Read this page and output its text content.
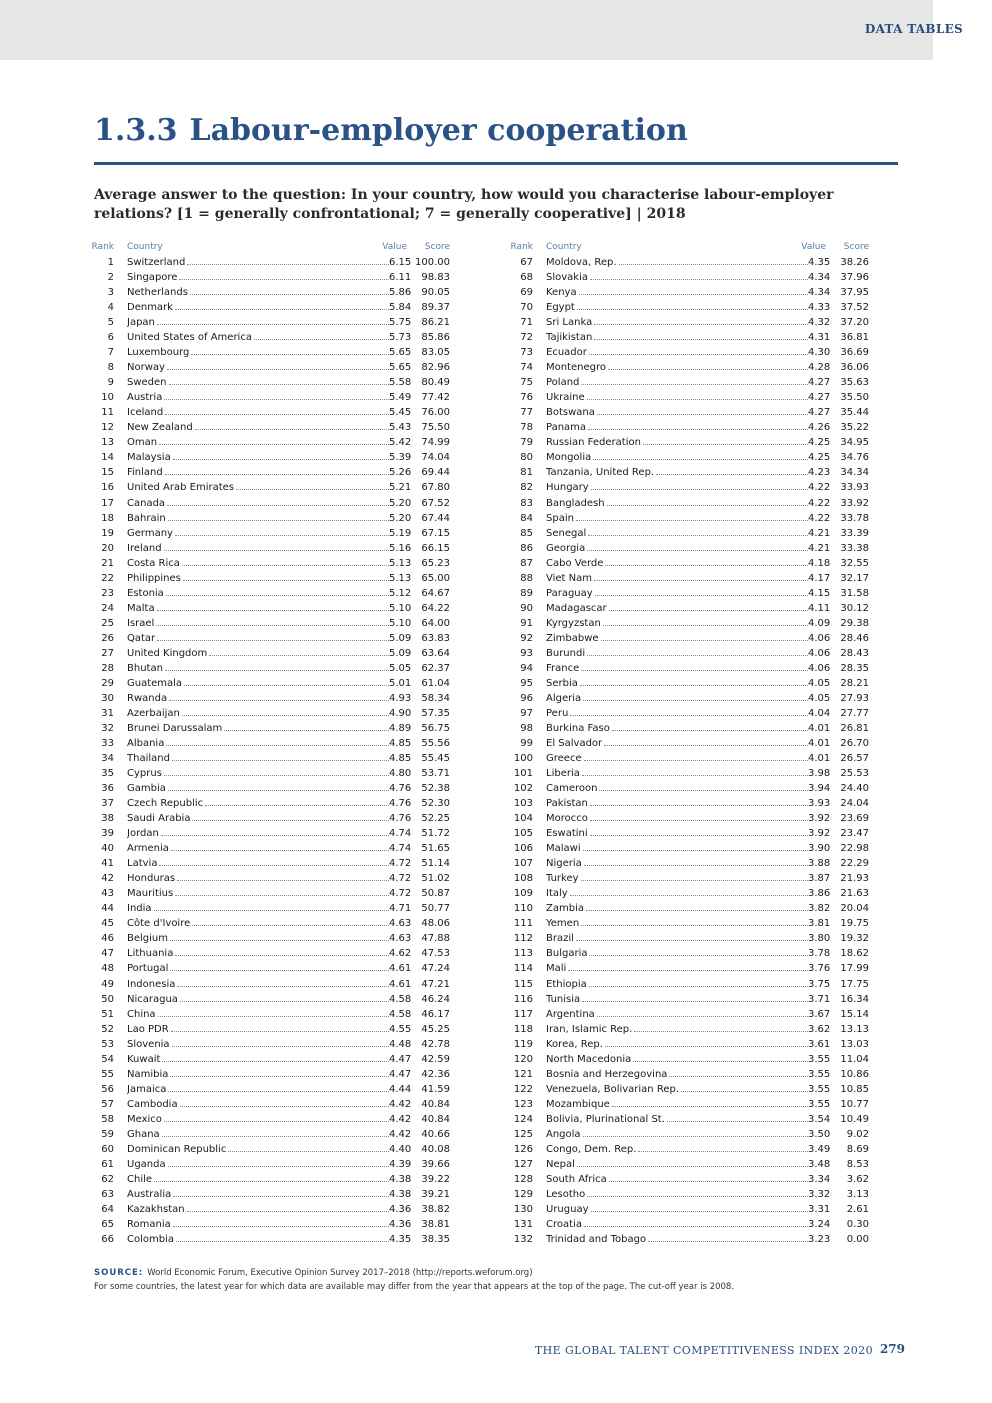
DATA TABLES
1.3.3 Labour-employer cooperation

Average answer to the question: In your country, how would you characterise labour-employer relations? [1 = generally confrontational; 7 = generally cooperative] | 2018

Rank Country	Value Score
1 Switzerland	6.15 100.00
2 Singapore	6.11	98.83
3 Netherlands	5.86	90.05
4 Denmark	5.84	89.37
5 Japan	5.75	86.21
6 United States of America	5.73	85.86
7 Luxembourg	5.65	83.05
8 Norway	5.65	82.96
9 Sweden	5.58	80.49
10 Austria	5.49	77.42
11 Iceland	5.45	76.00
12 New Zealand	5.43	75.50
13 Oman	5.42	74.99
14 Malaysia	5.39	74.04
15 Finland	5.26	69.44
16 United Arab Emirates	5.21	67.80
17 Canada	5.20	67.52
18 Bahrain	5.20	67.44
19 Germany	5.19	67.15
20 Ireland	5.16	66.15
21 Costa Rica	5.13	65.23
22 Philippines	5.13	65.00
23 Estonia	5.12	64.67
24 Malta	5.10	64.22
25 Israel	5.10	64.00
26 Qatar	5.09	63.83
27 United Kingdom	5.09	63.64
28 Bhutan	5.05	62.37
29 Guatemala	5.01	61.04
30 Rwanda	4.93	58.34
31 Azerbaijan	4.90	57.35
32 Brunei Darussalam	4.89	56.75
33 Albania	4.85	55.56
34 Thailand	4.85	55.45
35 Cyprus	4.80	53.71
36 Gambia	4.76	52.38
37 Czech Republic	4.76	52.30
38 Saudi Arabia	4.76	52.25
39 Jordan	4.74	51.72
40 Armenia	4.74	51.65
41 Latvia	4.72	51.14
42 Honduras	4.72	51.02
43 Mauritius	4.72	50.87
44 India	4.71	50.77
45 Côte d'Ivoire	4.63	48.06
46 Belgium	4.63	47.88
47 Lithuania	4.62	47.53
48 Portugal	4.61	47.24
49 Indonesia	4.61	47.21
50 Nicaragua	4.58	46.24
51 China	4.58	46.17
52 Lao PDR	4.55	45.25
53 Slovenia	4.48	42.78
54 Kuwait	4.47	42.59
55 Namibia	4.47	42.36
56 Jamaica	4.44	41.59
57 Cambodia	4.42	40.84
58 Mexico	4.42	40.84
59 Ghana	4.42	40.66
60 Dominican Republic	4.40	40.08
61 Uganda	4.39	39.66
62 Chile	4.38	39.22
63 Australia	4.38	39.21
64 Kazakhstan	4.36	38.82
65 Romania	4.36	38.81
66 Colombia	4.35	38.35
Rank Country	Value Score
67 Moldova, Rep.	4.35	38.26
68 Slovakia	4.34	37.96
69 Kenya	4.34	37.95
70 Egypt	4.33	37.52
71 Sri Lanka	4.32	37.20
72 Tajikistan	4.31	36.81
73 Ecuador	4.30	36.69
74 Montenegro	4.28	36.06
75 Poland	4.27	35.63
76 Ukraine	4.27	35.50
77 Botswana	4.27	35.44
78 Panama	4.26	35.22
79 Russian Federation	4.25	34.95
80 Mongolia	4.25	34.76
81 Tanzania, United Rep.	4.23	34.34
82 Hungary	4.22	33.93
83 Bangladesh	4.22	33.92
84 Spain	4.22	33.78
85 Senegal	4.21	33.39
86 Georgia	4.21	33.38
87 Cabo Verde	4.18	32.55
88 Viet Nam	4.17	32.17
89 Paraguay	4.15	31.58
90 Madagascar	4.11	30.12
91 Kyrgyzstan	4.09	29.38
92 Zimbabwe	4.06	28.46
93 Burundi	4.06	28.43
94 France	4.06	28.35
95 Serbia	4.05	28.21
96 Algeria	4.05	27.93
97 Peru	4.04	27.77
98 Burkina Faso	4.01	26.81
99 El Salvador	4.01	26.70
100 Greece	4.01	26.57
101 Liberia	3.98	25.53
102 Cameroon	3.94	24.40
103 Pakistan	3.93	24.04
104 Morocco	3.92	23.69
105 Eswatini	3.92	23.47
106 Malawi	3.90	22.98
107 Nigeria	3.88	22.29
108 Turkey	3.87	21.93
109 Italy	3.86	21.63
110 Zambia	3.82	20.04
111 Yemen	3.81	19.75
112 Brazil	3.80	19.32
113 Bulgaria	3.78	18.62
114 Mali	3.76	17.99
115 Ethiopia	3.75	17.75
116 Tunisia	3.71	16.34
117 Argentina	3.67	15.14
118 Iran, Islamic Rep.	3.62	13.13
119 Korea, Rep.	3.61	13.03
120 North Macedonia	3.55	11.04
121 Bosnia and Herzegovina	3.55	10.86
122 Venezuela, Bolivarian Rep.	3.55	10.85
123 Mozambique	3.55	10.77
124 Bolivia, Plurinational St.	3.54	10.49
125 Angola	3.50	9.02
126 Congo, Dem. Rep.	3.49	8.69
127 Nepal	3.48	8.53
128 South Africa	3.34	3.62
129 Lesotho	3.32	3.13
130 Uruguay	3.31	2.61
131 Croatia	3.24	0.30
132 Trinidad and Tobago	3.23	0.00
SOURCE: World Economic Forum, Executive Opinion Survey 2017–2018 (http://reports.weforum.org)
For some countries, the latest year for which data are available may differ from the year that appears at the top of the page. The cut-off year is 2008.
THE GLOBAL TALENT COMPETITIVENESS INDEX 2020 279
